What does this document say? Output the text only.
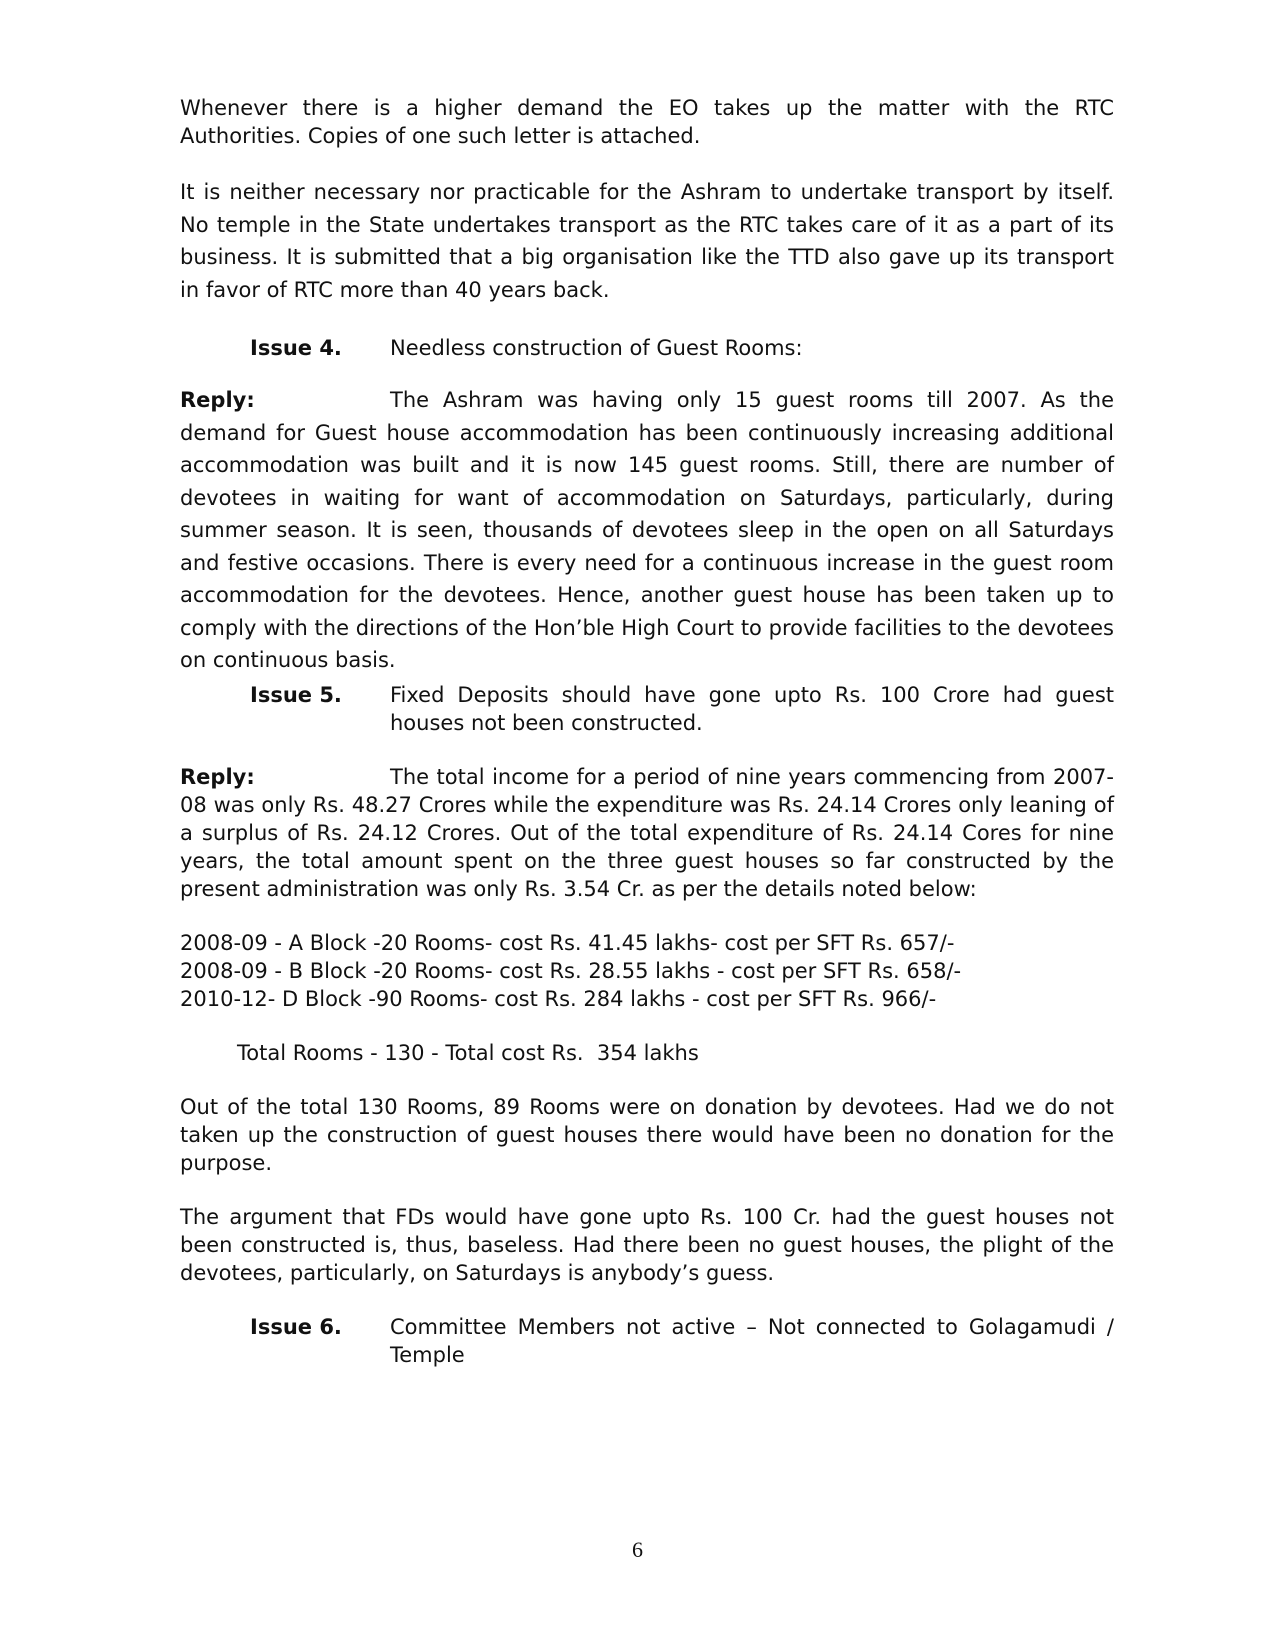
Whenever there is a higher demand the EO takes up the matter with the RTC Authorities. Copies of one such letter is attached.

It is neither necessary nor practicable for the Ashram to undertake transport by itself. No temple in the State undertakes transport as the RTC takes care of it as a part of its business. It is submitted that a big organisation like the TTD also gave up its transport in favor of RTC more than 40 years back.

Issue 4.	Needless construction of Guest Rooms:

Reply:	The Ashram was having only 15 guest rooms till 2007. As the demand for Guest house accommodation has been continuously increasing additional accommodation was built and it is now 145 guest rooms. Still, there are number of devotees in waiting for want of accommodation on Saturdays, particularly, during summer season. It is seen, thousands of devotees sleep in the open on all Saturdays and festive occasions. There is every need for a continuous increase in the guest room accommodation for the devotees. Hence, another guest house has been taken up to comply with the directions of the Hon’ble High Court to provide facilities to the devotees on continuous basis.

Issue 5.	Fixed Deposits should have gone upto Rs. 100 Crore had guest houses not been constructed.

Reply:	The total income for a period of nine years commencing from 2007-08 was only Rs. 48.27 Crores while the expenditure was Rs. 24.14 Crores only leaning of a surplus of Rs. 24.12 Crores. Out of the total expenditure of Rs. 24.14 Cores for nine years, the total amount spent on the three guest houses so far constructed by the present administration was only Rs. 3.54 Cr. as per the details noted below:

2008-09 - A Block -20 Rooms- cost Rs. 41.45 lakhs- cost per SFT Rs. 657/-

2008-09 - B Block -20 Rooms- cost Rs. 28.55 lakhs - cost per SFT Rs. 658/-

2010-12- D Block -90 Rooms- cost Rs. 284 lakhs - cost per SFT Rs. 966/-

Total Rooms - 130 - Total cost Rs.  354 lakhs

Out of the total 130 Rooms, 89 Rooms were on donation by devotees. Had we do not taken up the construction of guest houses there would have been no donation for the purpose.

The argument that FDs would have gone upto Rs. 100 Cr. had the guest houses not been constructed is, thus, baseless. Had there been no guest houses, the plight of the devotees, particularly, on Saturdays is anybody’s guess.

Issue 6.	Committee Members not active – Not connected to Golagamudi / Temple
6
